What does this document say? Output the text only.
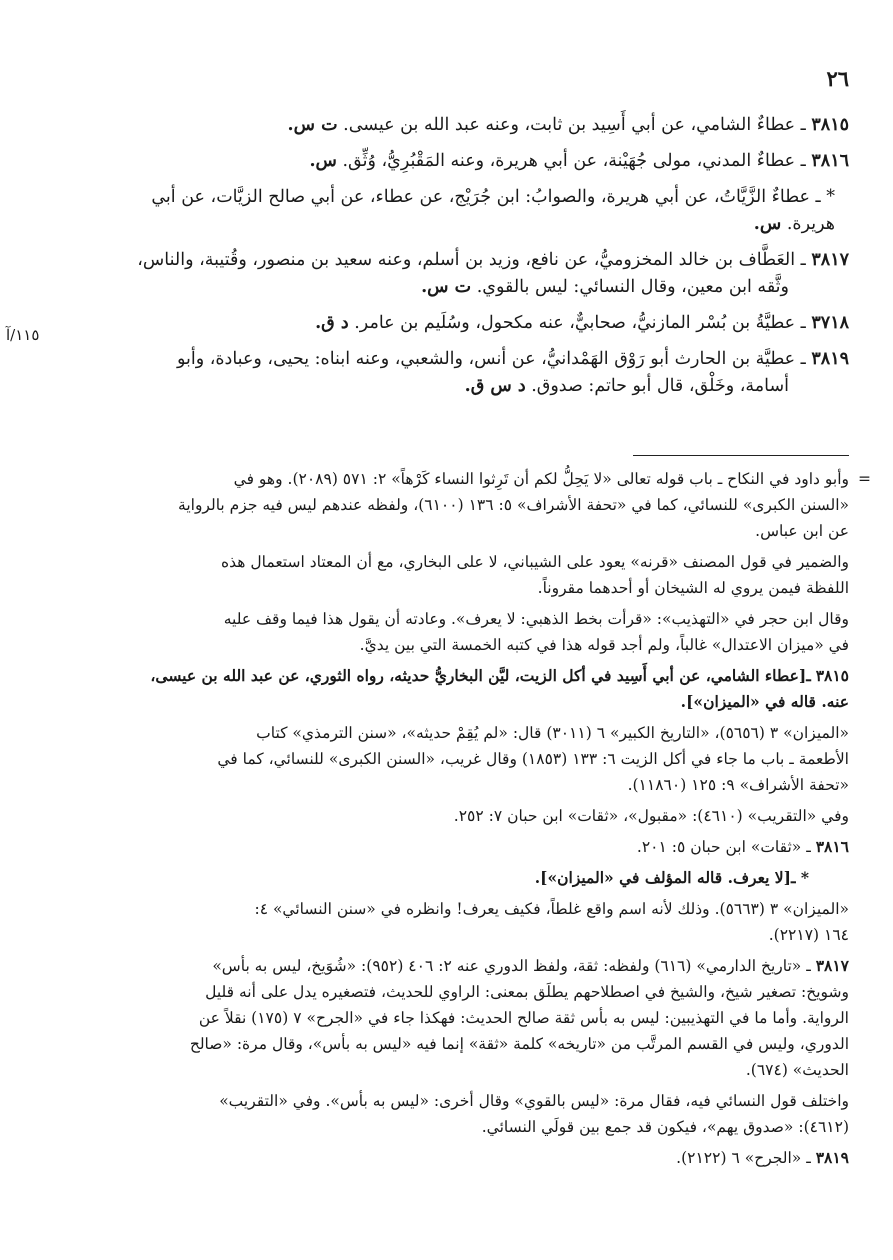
٢٦

٣٨١٥ ـ عطاءٌ الشامي، عن أبي أَسِيد بن ثابت، وعنه عبد الله بن عيسى. ت س.

٣٨١٦ ـ عطاءٌ المدني، مولى جُهَيْنة، عن أبي هريرة، وعنه المَقْبُرِيُّ، وُثِّق. س.

* ـ عطاءٌ الزَّيَّاتُ، عن أبي هريرة، والصوابُ: ابن جُرَيْج، عن عطاء، عن أبي صالح الزيَّات، عن أبي
هريرة. س.

٣٨١٧ ـ العَطَّاف بن خالد المخزوميُّ، عن نافع، وزيد بن أسلم، وعنه سعيد بن منصور، وقُتيبة، والناس،
وثَّقه ابن معين، وقال النسائي: ليس بالقوي. ت س.

٣٧١٨ ـ عطيَّةُ بن بُسْر المازنيُّ، صحابيٌّ، عنه مكحول، وسُلَيم بن عامر. د ق.

٣٨١٩ ـ عطيَّة بن الحارث أبو رَوْق الهَمْدانيُّ، عن أنس، والشعبي، وعنه ابناه: يحيى، وعبادة، وأبو
أسامة، وخَلْق، قال أبو حاتم: صدوق. د س ق.

١١٥/آ

=
وأبو داود في النكاح ـ باب قوله تعالى «لا يَحِلُّ لكم أن تَرِثوا النساء كَرْهاً» ٢: ٥٧١ (٢٠٨٩). وهو في
«السنن الكبرى» للنسائي، كما في «تحفة الأشراف» ٥: ١٣٦ (٦١٠٠)، ولفظه عندهم ليس فيه جزم بالرواية
عن ابن عباس.

والضمير في قول المصنف «قرنه» يعود على الشيباني، لا على البخاري، مع أن المعتاد استعمال هذه
اللفظة فيمن يروي له الشيخان أو أحدهما مقروناً.

وقال ابن حجر في «التهذيب»: «قرأت بخط الذهبي: لا يعرف». وعادته أن يقول هذا فيما وقف عليه
في «ميزان الاعتدال» غالباً، ولم أجد قوله هذا في كتبه الخمسة التي بين يديَّ.

٣٨١٥ ـ[عطاء الشامي، عن أبي أَسِيد في أكل الزيت، ليَّن البخاريُّ حديثه، رواه الثوري، عن عبد الله بن عيسى،
عنه. قاله في «الميزان»].

«الميزان» ٣ (٥٦٥٦)، «التاريخ الكبير» ٦ (٣٠١١) قال: «لم يُقِمْ حديثه»، «سنن الترمذي» كتاب
الأطعمة ـ باب ما جاء في أكل الزيت ٦: ١٣٣ (١٨٥٣) وقال غريب، «السنن الكبرى» للنسائي، كما في
«تحفة الأشراف» ٩: ١٢٥ (١١٨٦٠).

وفي «التقريب» (٤٦١٠): «مقبول»، «ثقات» ابن حبان ٧: ٢٥٢.

٣٨١٦ ـ «ثقات» ابن حبان ٥: ٢٠١.

* ـ[لا يعرف. قاله المؤلف في «الميزان»].

«الميزان» ٣ (٥٦٦٣). وذلك لأنه اسم واقع غلطاً، فكيف يعرف! وانظره في «سنن النسائي» ٤:
١٦٤ (٢٢١٧).

٣٨١٧ ـ «تاريخ الدارمي» (٦١٦) ولفظه: ثقة، ولفظ الدوري عنه ٢: ٤٠٦ (٩٥٢): «شُوَيخ، ليس به بأس»
وشويخ: تصغير شيخ، والشيخ في اصطلاحهم يطلَق بمعنى: الراوي للحديث، فتصغيره يدل على أنه قليل
الرواية. وأما ما في التهذيبين: ليس به بأس ثقة صالح الحديث: فهكذا جاء في «الجرح» ٧ (١٧٥) نقلاً عن
الدوري، وليس في القسم المرتَّب من «تاريخه» كلمة «ثقة» إنما فيه «ليس به بأس»، وقال مرة: «صالح
الحديث» (٦٧٤).

واختلف قول النسائي فيه، فقال مرة: «ليس بالقوي» وقال أخرى: «ليس به بأس». وفي «التقريب»
(٤٦١٢): «صدوق يهم»، فيكون قد جمع بين قولَي النسائي.

٣٨١٩ ـ «الجرح» ٦ (٢١٢٢).
